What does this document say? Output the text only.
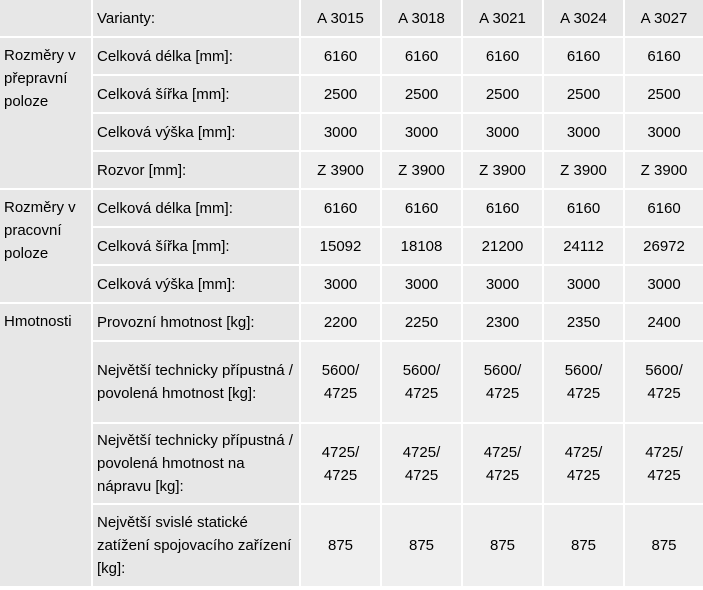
	Varianty:	A 3015	A 3018	A 3021	A 3024	A 3027
Rozměry v přepravní poloze	Celková délka [mm]:	6160	6160	6160	6160	6160
	Celková šířka [mm]:	2500	2500	2500	2500	2500
	Celková výška [mm]:	3000	3000	3000	3000	3000
	Rozvor [mm]:	Z 3900	Z 3900	Z 3900	Z 3900	Z 3900
Rozměry v pracovní poloze	Celková délka [mm]:	6160	6160	6160	6160	6160
	Celková šířka [mm]:	15092	18108	21200	24112	26972
	Celková výška [mm]:	3000	3000	3000	3000	3000
Hmotnosti	Provozní hmotnost [kg]:	2200	2250	2300	2350	2400
	Největší technicky přípustná / povolená hmotnost [kg]:	5600/ 4725	5600/ 4725	5600/ 4725	5600/ 4725	5600/ 4725
	Největší technicky přípustná / povolená hmotnost na nápravu [kg]:	4725/ 4725	4725/ 4725	4725/ 4725	4725/ 4725	4725/ 4725
	Největší svislé statické zatížení spojovacího zařízení [kg]:	875	875	875	875	875
